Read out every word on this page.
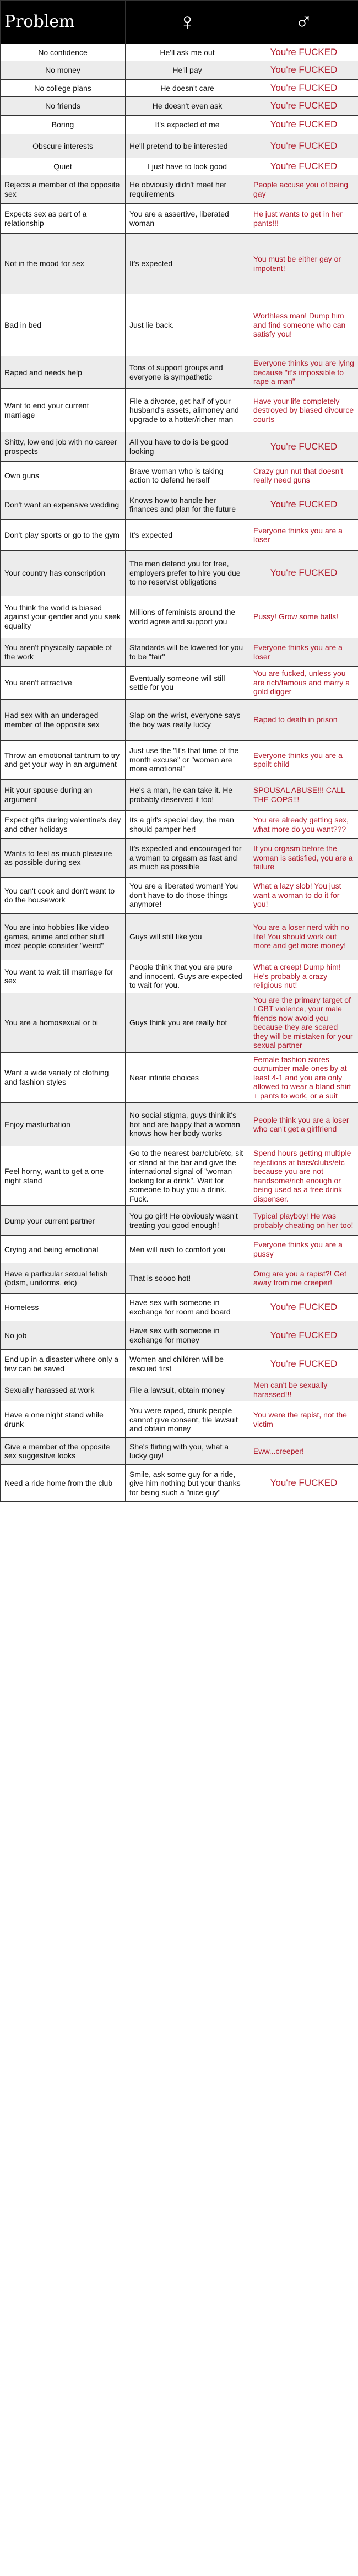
Problem	♀	♂
No confidence	He'll ask me out	You're FUCKED
No money	He'll pay	You're FUCKED
No college plans	He doesn't care	You're FUCKED
No friends	He doesn't even ask	You're FUCKED
Boring	It's expected of me	You're FUCKED
Obscure interests	He'll pretend to be interested	You're FUCKED
Quiet	I just have to look good	You're FUCKED
Rejects a member of the opposite sex	He obviously didn't meet her requirements	People accuse you of being gay
Expects sex as part of a relationship	You are a assertive, liberated woman	He just wants to get in her pants!!!
Not in the mood for sex	It's expected	You must be either gay or impotent!
Bad in bed	Just lie back.	Worthless man! Dump him and find someone who can satisfy you!
Raped and needs help	Tons of support groups and everyone is sympathetic	Everyone thinks you are lying because "it's impossible to rape a man"
Want to end your current marriage	File a divorce, get half of your husband's assets, alimoney and upgrade to a hotter/richer man	Have your life completely destroyed by biased divource courts
Shitty, low end job with no career prospects	All you have to do is be good looking	You're FUCKED
Own guns	Brave woman who is taking action to defend herself	Crazy gun nut that doesn't really need guns
Don't want an expensive wedding	Knows how to handle her finances and plan for the future	You're FUCKED
Don't play sports or go to the gym	It's expected	Everyone thinks you are a loser
Your country has conscription	The men defend you for free, employers prefer to hire you due to no reservist obligations	You're FUCKED
You think the world is biased against your gender and you seek equality	Millions of feminists around the world agree and support you	Pussy! Grow some balls!
You aren't physically capable of the work	Standards will be lowered for you to be "fair"	Everyone thinks you are a loser
You aren't attractive	Eventually someone will still settle for you	You are fucked, unless you are rich/famous and marry a gold digger
Had sex with an underaged member of the opposite sex	Slap on the wrist, everyone says the boy was really lucky	Raped to death in prison
Throw an emotional tantrum to try and get your way in an argument	Just use the "It's that time of the month excuse" or "women are more emotional"	Everyone thinks you are a spoilt child
Hit your spouse during an argument	He's a man, he can take it. He probably deserved it too!	SPOUSAL ABUSE!!! CALL THE COPS!!!
Expect gifts during valentine's day and other holidays	Its a girl's special day, the man should pamper her!	You are already getting sex, what more do you want???
Wants to feel as much pleasure as possible during sex	It's expected and encouraged for a woman to orgasm as fast and as much as possible	If you orgasm before the woman is satisfied, you are a failure
You can't cook and don't want to do the housework	You are a liberated woman! You don't have to do those things anymore!	What a lazy slob! You just want a woman to do it for you!
You are into hobbies like video games, anime and other stuff most people consider "weird"	Guys will still like you	You are a loser nerd with no life! You should work out more and get more money!
You want to wait till marriage for sex	People think that you are pure and innocent. Guys are expected to wait for you.	What a creep! Dump him! He's probably a crazy religious nut!
You are a homosexual or bi	Guys think you are really hot	You are the primary target of LGBT violence, your male friends now avoid you because they are scared they will be mistaken for your sexual partner
Want a wide variety of clothing and fashion styles	Near infinite choices	Female fashion stores outnumber male ones by at least 4-1 and you are only allowed to wear a bland shirt + pants to work, or a suit
Enjoy masturbation	No social stigma, guys think it's hot and are happy that a woman knows how her body works	People think you are a loser who can't get a girlfriend
Feel horny, want to get a one night stand	Go to the nearest bar/club/etc, sit or stand at the bar and give the international signal of "woman looking for a drink". Wait for someone to buy you a drink. Fuck.	Spend hours getting multiple rejections at bars/clubs/etc because you are not handsome/rich enough or being used as a free drink dispenser.
Dump your current partner	You go girl! He obviously wasn't treating you good enough!	Typical playboy! He was probably cheating on her too!
Crying and being emotional	Men will rush to comfort you	Everyone thinks you are a pussy
Have a particular sexual fetish (bdsm, uniforms, etc)	That is soooo hot!	Omg are you a rapist?! Get away from me creeper!
Homeless	Have sex with someone in exchange for room and board	You're FUCKED
No job	Have sex with someone in exchange for money	You're FUCKED
End up in a disaster where only a few can be saved	Women and children will be rescued first	You're FUCKED
Sexually harassed at work	File a lawsuit, obtain money	Men can't be sexually harassed!!!
Have a one night stand while drunk	You were raped, drunk people cannot give consent, file lawsuit and obtain money	You were the rapist, not the victim
Give a member of the opposite sex suggestive looks	She's flirting with you, what a lucky guy!	Eww...creeper!
Need a ride home from the club	Smile, ask some guy for a ride, give him nothing but your thanks for being such a "nice guy"	You're FUCKED
